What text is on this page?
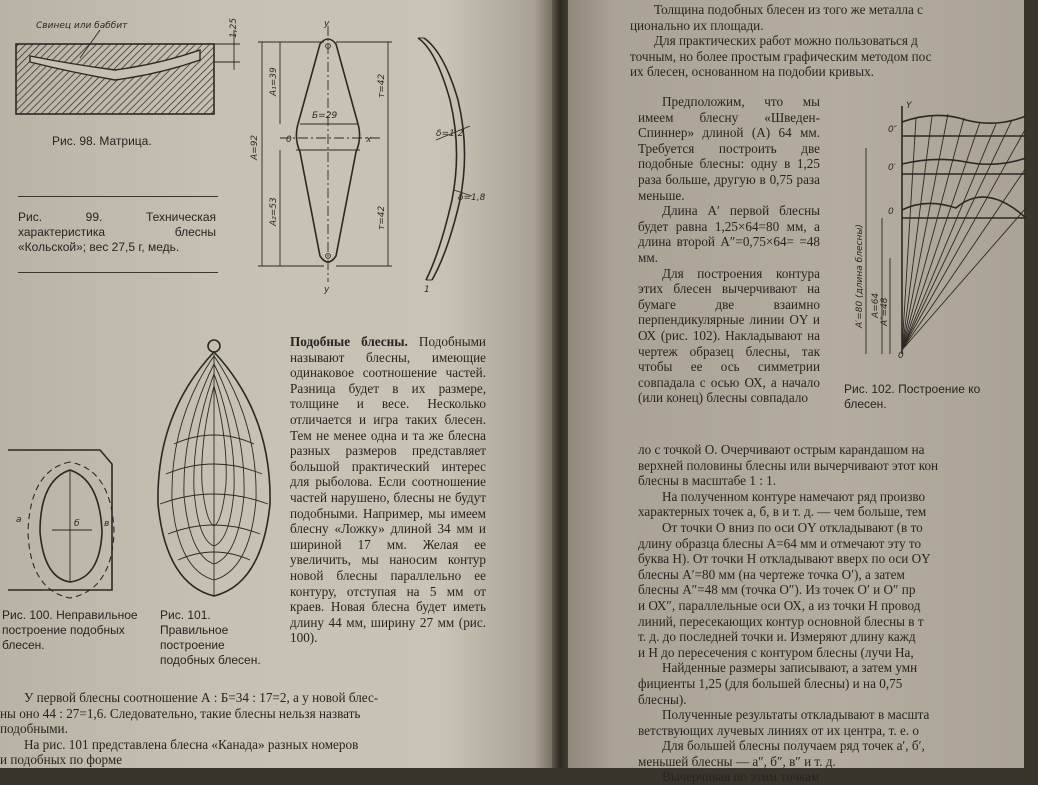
Свинец или баббит	1,25
Рис. 98. Матрица.
Рис. 99. Техническая характеристика блесны «Кольской»; вес 27,5 г, медь.
y
y
А=92
А₁=39
А₂=53
Б=29
0	х
т=42
т=42
δ=1,2
δ=1,8
1
а	б	в
Рис. 100. Неправильное построение подобных блесен.
Рис. 101. Правильное построение подобных блесен.

Подобные блесны. Подобными называют блесны, имеющие одинаковое соотношение частей. Разница будет в их размере, толщине и весе. Несколько отличается и игра таких блесен. Тем не менее одна и та же блесна разных размеров представляет большой практический интерес для рыболова. Если соотношение частей нарушено, блесны не будут подобными. Например, мы имеем блесну «Ложку» длиной 34 мм и шириной 17 мм. Желая ее увеличить, мы наносим контур новой блесны параллельно ее контуру, отступая на 5 мм от краев. Новая блесна будет иметь длину 44 мм, ширину 27 мм (рис. 100).

У первой блесны соотношение А : Б=34 : 17=2, а у новой блес-

ны оно 44 : 27=1,6. Следовательно, такие блесны нельзя назвать

подобными.

На рис. 101 представлена блесна «Канада» разных номеров

и подобных по форме

Толщина подобных блесен из того же металла с

ционально их площади.

Для практических работ можно пользоваться д

точным, но более простым графическим методом пос

их блесен, основанном на подобии кривых.

Предположим, что мы имеем блесну «Шведен-Спиннер» длиной (А) 64 мм. Требуется построить две подобные блесны: одну в 1,25 раза больше, другую в 0,75 раза меньше.

Длина А′ первой блесны будет равна 1,25×64=80 мм, а длина второй А″=0,75×64= =48 мм.

Для построения контура этих блесен вычерчивают на бумаге две взаимно перпендикулярные линии ОY и ОХ (рис. 102). Накладывают на чертеж образец блесны, так чтобы ее ось симметрии совпадала с осью ОХ, а начало (или конец) блесны совпадало

Y
0″
0′
0
0
А′=80 (длина блесны) А=64 А″=48
Рис. 102. Построение ко блесен.

ло с точкой О. Очерчивают острым карандашом на

верхней половины блесны или вычерчивают этот кон

блесны в масштабе 1 : 1.

На полученном контуре намечают ряд произво

характерных точек а, б, в и т. д. — чем больше, тем

От точки О вниз по оси ОY откладывают (в то

длину образца блесны А=64 мм и отмечают эту то

буква Н). От точки Н откладывают вверх по оси ОY

блесны А′=80 мм (на чертеже точка О′), а затем

блесны А″=48 мм (точка О″). Из точек О′ и О″ пр

и ОХ″, параллельные оси ОХ, а из точки Н провод

линий, пересекающих контур основной блесны в т

т. д. до последней точки и. Измеряют длину кажд

и Н до пересечения с контуром блесны (лучи На,

Найденные размеры записывают, а затем умн

фициенты 1,25 (для большей блесны) и на 0,75

блесны).

Полученные результаты откладывают в масшта

ветствующих лучевых линиях от их центра, т. е. о

Для большей блесны получаем ряд точек а′, б′,

меньшей блесны — а″, б″, в″ и т. д.

Вычерчивая по этим точкам
